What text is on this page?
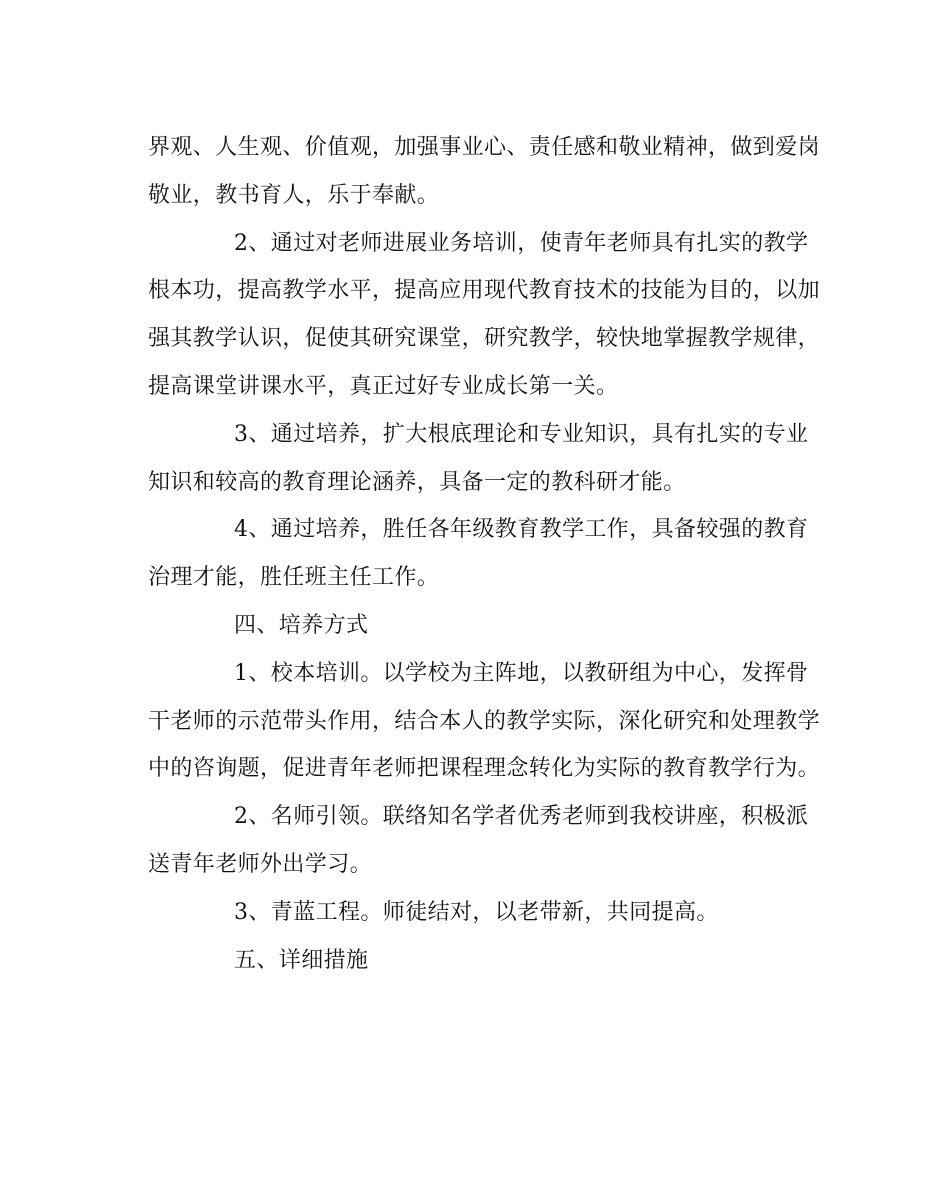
界观、人生观、价值观，加强事业心、责任感和敬业精神，做到爱岗
敬业，教书育人，乐于奉献。
2、通过对老师进展业务培训，使青年老师具有扎实的教学
根本功，提高教学水平，提高应用现代教育技术的技能为目的，以加
强其教学认识，促使其研究课堂，研究教学，较快地掌握教学规律，
提高课堂讲课水平，真正过好专业成长第一关。
3、通过培养，扩大根底理论和专业知识，具有扎实的专业
知识和较高的教育理论涵养，具备一定的教科研才能。
4、通过培养，胜任各年级教育教学工作，具备较强的教育
治理才能，胜任班主任工作。
四、培养方式
1、校本培训。以学校为主阵地，以教研组为中心，发挥骨
干老师的示范带头作用，结合本人的教学实际，深化研究和处理教学
中的咨询题，促进青年老师把课程理念转化为实际的教育教学行为。
2、名师引领。联络知名学者优秀老师到我校讲座，积极派
送青年老师外出学习。
3、青蓝工程。师徒结对，以老带新，共同提高。
五、详细措施
